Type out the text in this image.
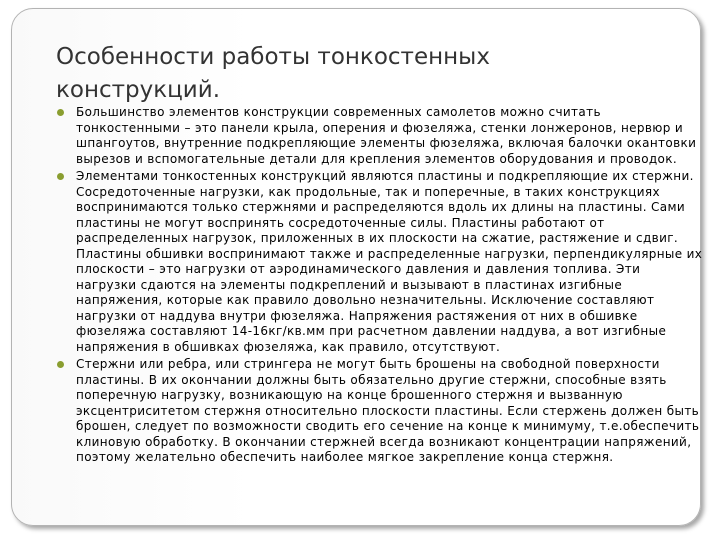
Особенности работы тонкостенных конструкций.
Большинство элементов конструкции современных самолетов можно считать тонкостенными – это панели крыла, оперения и фюзеляжа, стенки лонжеронов, нервюр и шпангоутов, внутренние подкрепляющие элементы фюзеляжа, включая балочки окантовки вырезов и вспомогательные детали для крепления элементов оборудования и проводок.
Элементами тонкостенных конструкций являются пластины и подкрепляющие их стержни. Сосредоточенные нагрузки, как продольные, так и поперечные, в таких конструкциях воспринимаются только стержнями и распределяются вдоль их длины на пластины. Сами пластины не могут воспринять сосредоточенные силы. Пластины работают от распределенных нагрузок, приложенных в их плоскости на сжатие, растяжение и сдвиг. Пластины обшивки воспринимают также и распределенные нагрузки, перпендикулярные их плоскости – это нагрузки от аэродинамического давления и давления топлива. Эти нагрузки сдаются на элементы подкреплений и вызывают в пластинах изгибные напряжения, которые как правило довольно незначительны. Исключение составляют нагрузки от наддува внутри фюзеляжа. Напряжения растяжения от них в обшивке фюзеляжа составляют 14-16кг/кв.мм при расчетном давлении наддува, а вот изгибные напряжения в обшивках фюзеляжа, как правило, отсутствуют.
Стержни или ребра, или стрингера не могут быть брошены на свободной поверхности пластины. В их окончании должны быть обязательно другие стержни, способные взять поперечную нагрузку, возникающую на конце брошенного стержня и вызванную эксцентриситетом стержня относительно плоскости пластины. Если стержень должен быть брошен, следует по возможности сводить его сечение на конце к минимуму, т.е.обеспечить клиновую обработку. В окончании стержней всегда возникают концентрации напряжений, поэтому желательно обеспечить наиболее мягкое закрепление конца стержня.
